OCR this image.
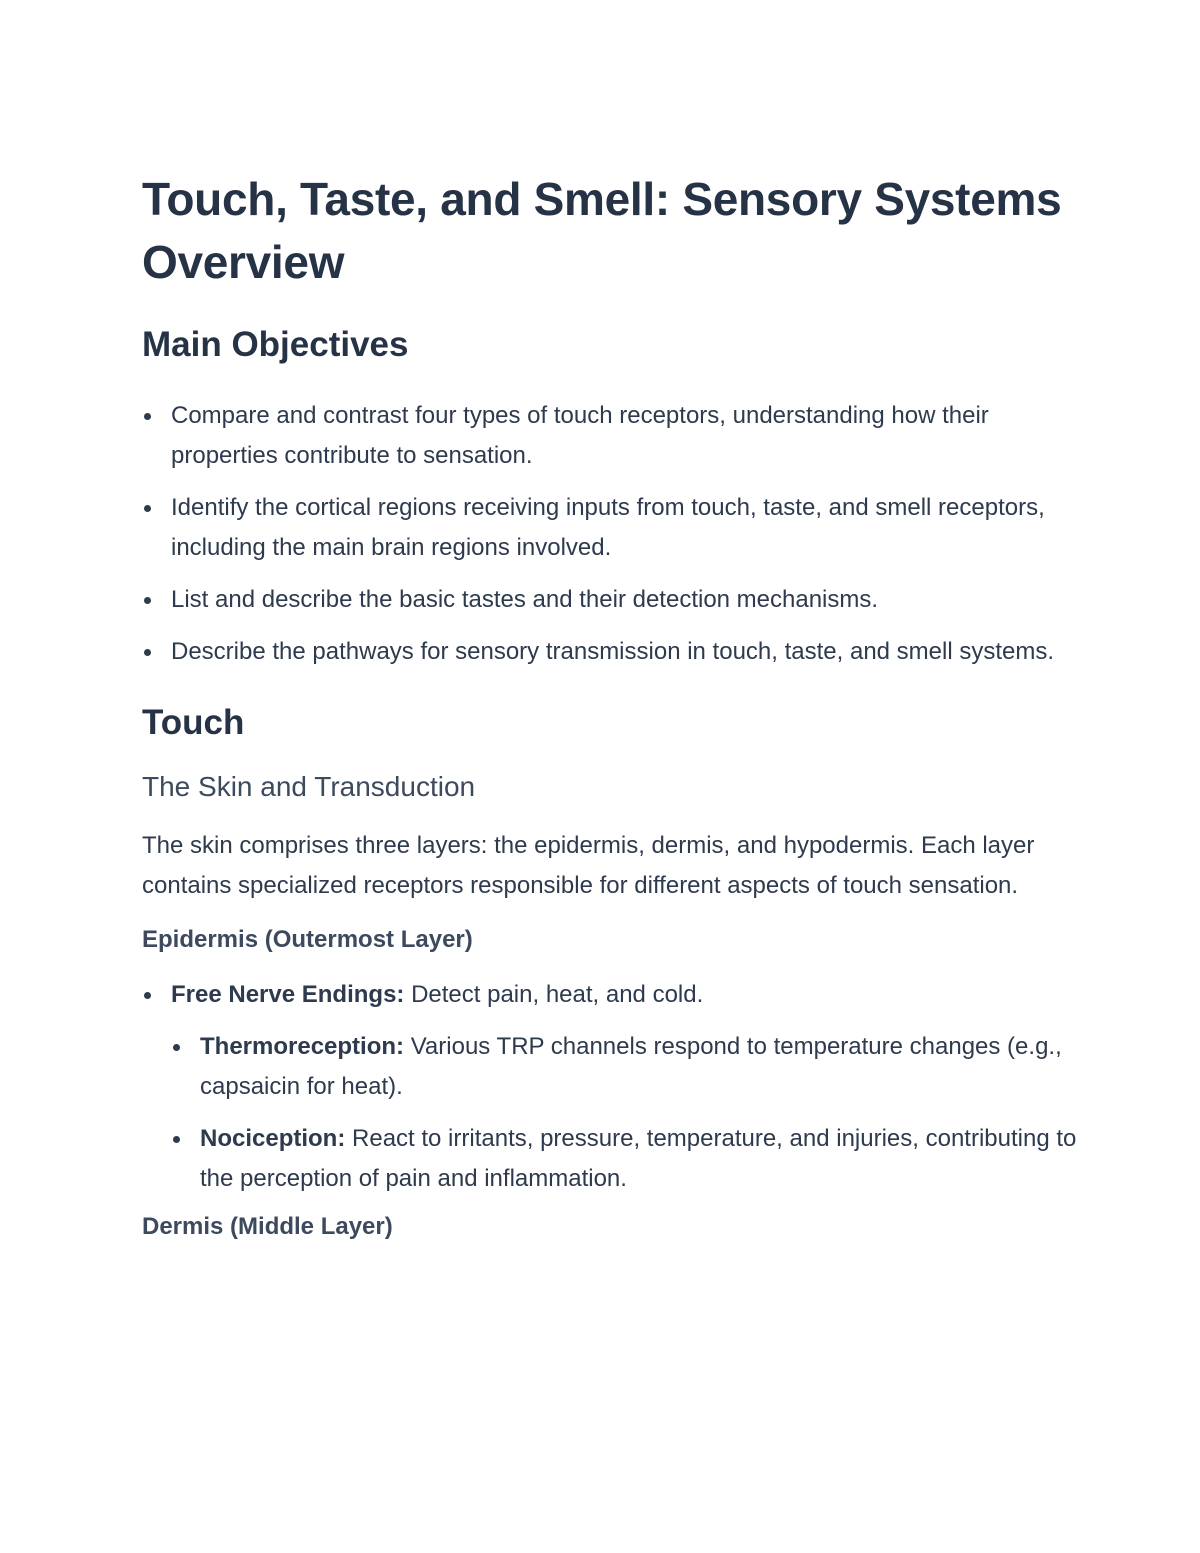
Touch, Taste, and Smell: Sensory Systems Overview
Main Objectives
Compare and contrast four types of touch receptors, understanding how their properties contribute to sensation.
Identify the cortical regions receiving inputs from touch, taste, and smell receptors, including the main brain regions involved.
List and describe the basic tastes and their detection mechanisms.
Describe the pathways for sensory transmission in touch, taste, and smell systems.
Touch
The Skin and Transduction

The skin comprises three layers: the epidermis, dermis, and hypodermis. Each layer contains specialized receptors responsible for different aspects of touch sensation.

Epidermis (Outermost Layer)
Free Nerve Endings: Detect pain, heat, and cold.
Thermoreception: Various TRP channels respond to temperature changes (e.g., capsaicin for heat).
Nociception: React to irritants, pressure, temperature, and injuries, contributing to the perception of pain and inflammation.
Dermis (Middle Layer)
